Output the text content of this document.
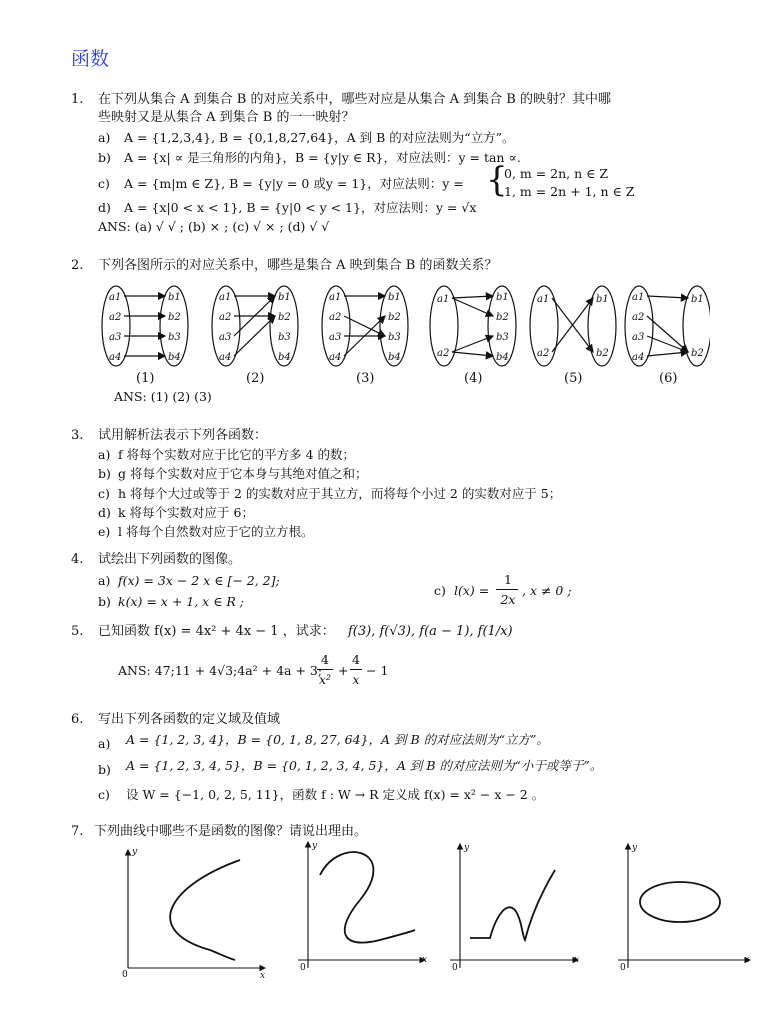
函数
1. 在下列从集合 A 到集合 B 的对应关系中，哪些对应是从集合 A 到集合 B 的映射？其中哪
些映射又是从集合 A 到集合 B 的一一映射？
a) A = {1,2,3,4}, B = {0,1,8,27,64}，A 到 B 的对应法则为“立方”。
b) A = {x| ∝ 是三角形的内角}，B = {y|y ∈ R}，对应法则：y = tan ∝.
c) A = {m|m ∈ Z}, B = {y|y = 0 或y = 1}，对应法则：y = {
0, m = 2n, n ∈ Z
1, m = 2n + 1, n ∈ Z
d) A = {x|0 < x < 1}, B = {y|0 < y < 1}，对应法则：y = √x
ANS: (a) √ √ ; (b) × ; (c) √ × ; (d) √ √
2. 下列各图所示的对应关系中，哪些是集合 A 映到集合 B 的函数关系？
a1
a2
a3
a4
b1
b2
b3
b4
(1)
a1
a2
a3
a4
b1
b2
b3
b4
(2)
a1
a2
a3
a4
b1
b2
b3
b4
(3)
a1
a2
b1
b2
b3
b4
(4)
a1
a2
b1
b2
(5)
a1
a2
a3
a4
b1
b2
(6)
ANS: (1) (2) (3)
3. 试用解析法表示下列各函数：
a) f 将每个实数对应于比它的平方多 4 的数；
b) g 将每个实数对应于它本身与其绝对值之和；
c) h 将每个大过或等于 2 的实数对应于其立方，而将每个小过 2 的实数对应于 5；
d) k 将每个实数对应于 6；
e) l 将每个自然数对应于它的立方根。
4. 试绘出下列函数的图像。
a) f(x) = 3x − 2 x ∈ [− 2, 2];
b) k(x) = x + 1, x ∈ R ;
c) l(x) =
1
2x
, x ≠ 0 ;
5. 已知函数 f(x) = 4x² + 4x − 1 ，试求： f(3), f(√3), f(a − 1), f(1/x)
ANS: 47;11 + 4√3;4a² + 4a + 3;
4
x²
+
4
x
− 1
6. 写出下列各函数的定义域及值域
a) A = {1, 2, 3, 4}，B = {0, 1, 8, 27, 64}，A 到 B 的对应法则为“立方”。
b) A = {1, 2, 3, 4, 5}，B = {0, 1, 2, 3, 4, 5}，A 到 B 的对应法则为“小于或等于”。
c) 设 W = {−1, 0, 2, 5, 11}，函数 f : W → R 定义成 f(x) = x² − x − 2 。
7. 下列曲线中哪些不是函数的图像？请说出理由。
y
x
0
y
x
0
y
x
0
y
x
0
